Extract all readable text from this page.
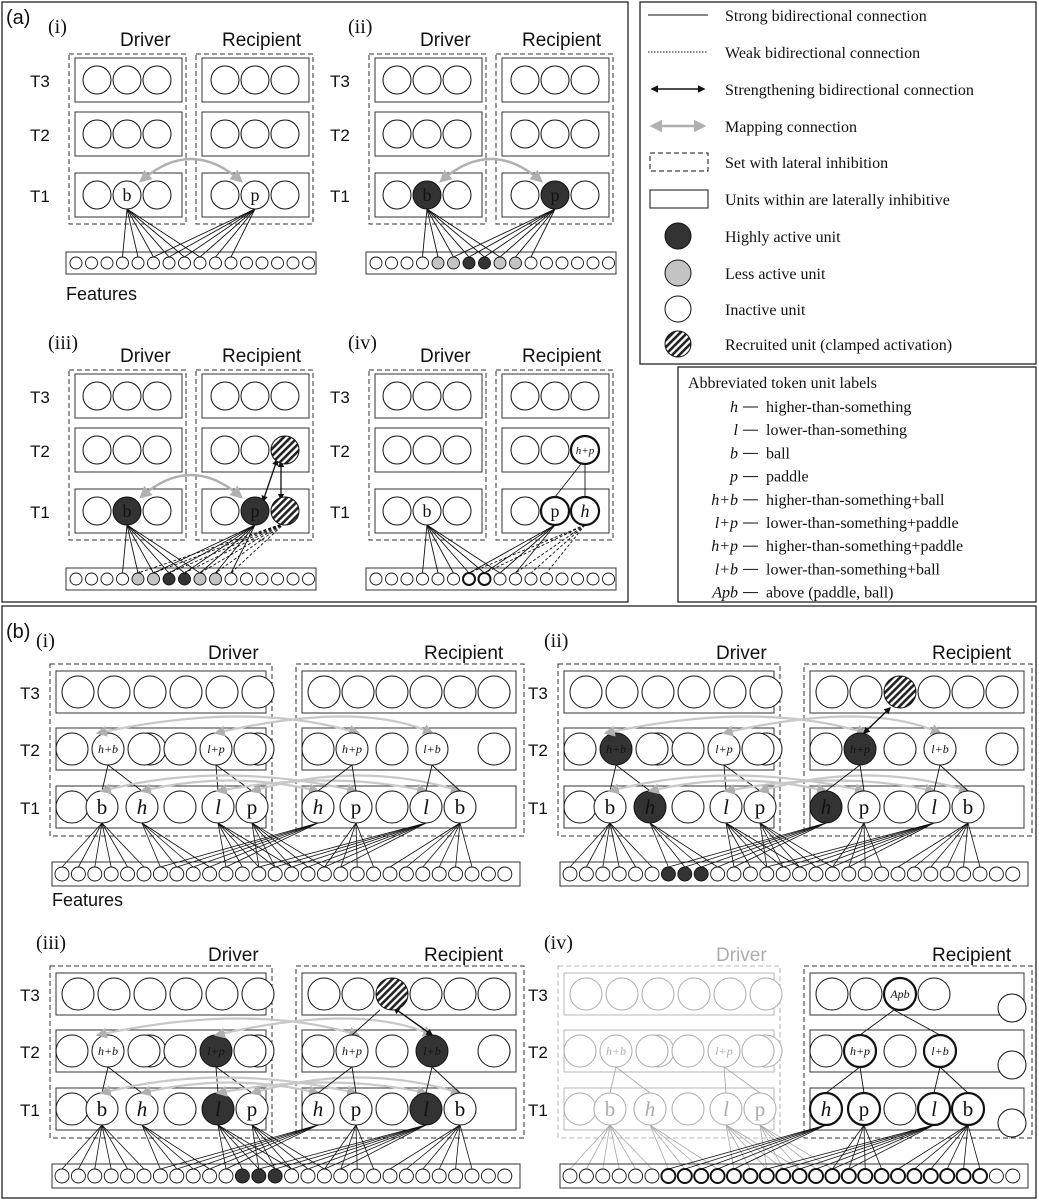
(a)
(b)
(i)
Driver	Recipient
T3
T2
T1
Features
b	p
(ii)
Driver	Recipient
T3
T2
T1	b	p
(iii)
Driver	Recipient
T3
T2
T1	b	p
(iv)
Driver	Recipient
T3
T2
T1
h+p
b	p h
Driver
h+b	l+p
b h	l p
(i)
Recipient
T3
T2
T1
Features
h+p	l+b
h p	l b
Driver
h+b	l+p
b h	l p
(ii)
Recipient
T3
T2
T1
h+p	l+b
h p	l b
Driver
h+b	l+p
b h	l p
(iii)
Recipient
T3
T2
T1
h+p	l+b
h p	l b
Driver
h+b	l+p
b h	l p
(iv)
Recipient
T3
T2
T1
Apb
h+p	l+b
h p	l b
Strong bidirectional connection
Weak bidirectional connection
Strengthening bidirectional connection
Mapping connection
Set with lateral inhibition
Units within are laterally inhibitive
Highly active unit
Less active unit
Inactive unit
Recruited unit (clamped activation)
Abbreviated token unit labels
h higher-than-something
l lower-than-something
b ball
p paddle
h+b higher-than-something+ball
l+p lower-than-something+paddle
h+p higher-than-something+paddle
l+b lower-than-something+ball
Apb above (paddle, ball)
